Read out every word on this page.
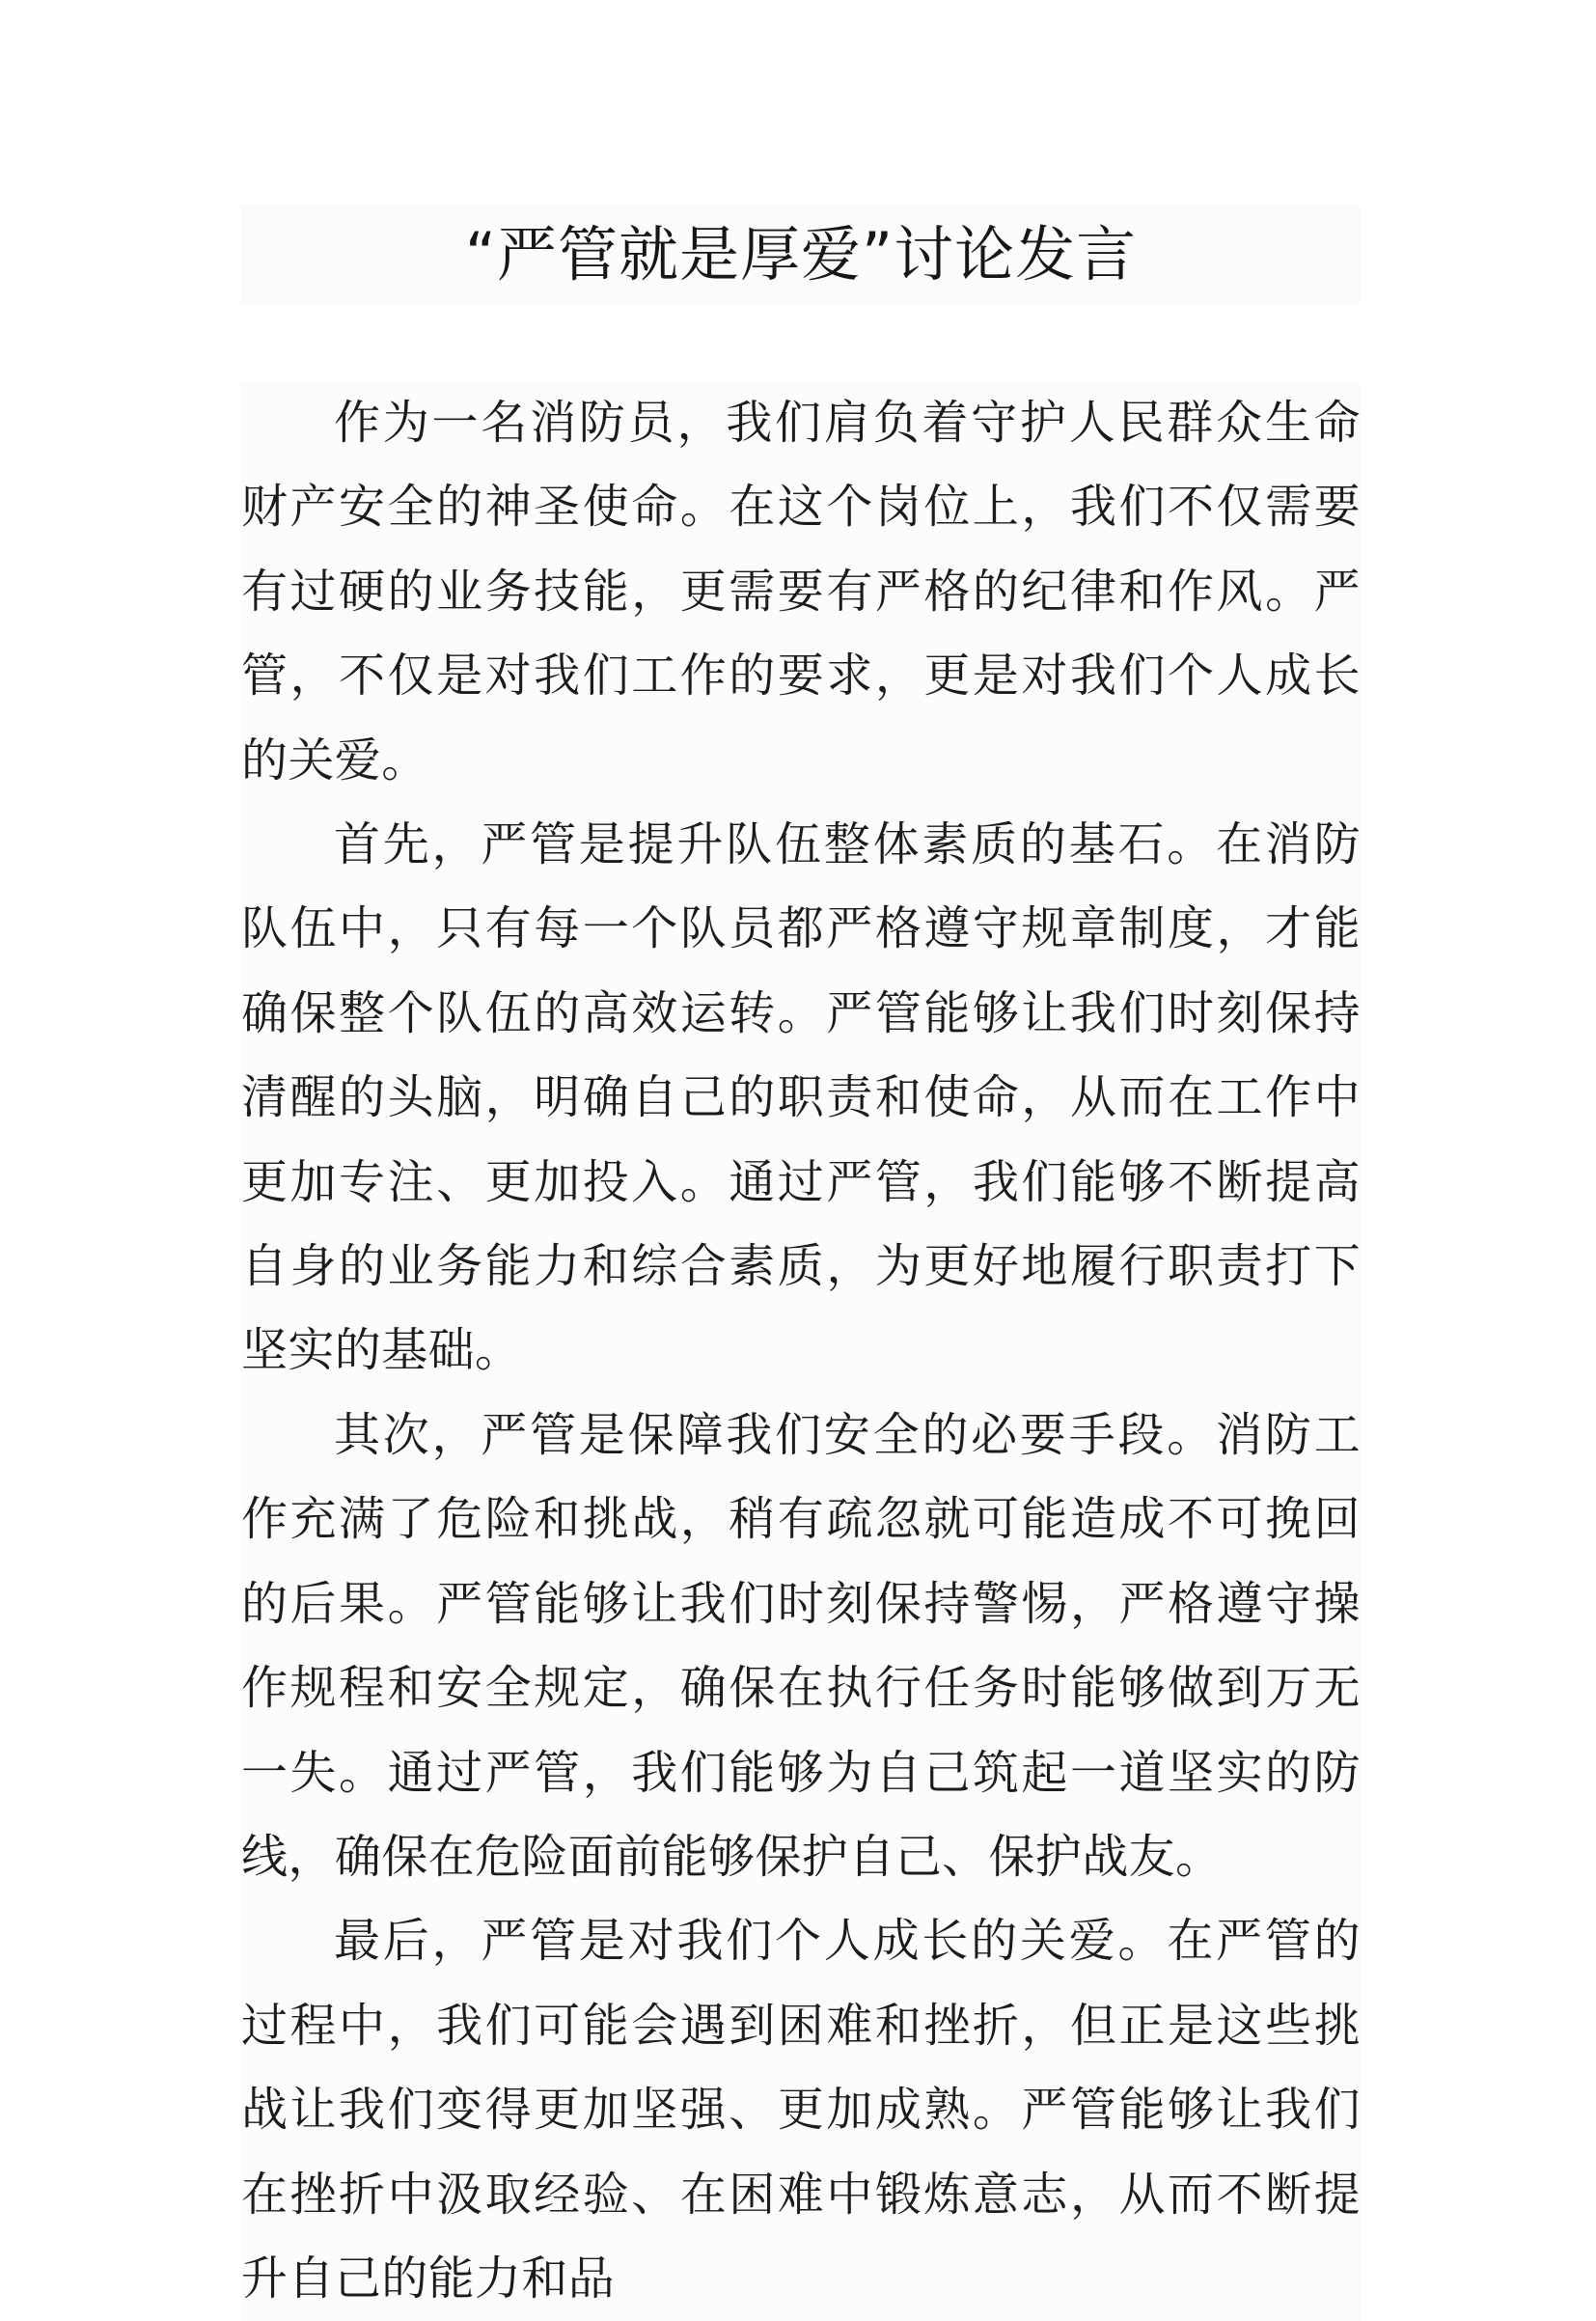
“严管就是厚爱”讨论发言

作为一名消防员，我们肩负着守护人民群众生命财产安全的神圣使命。在这个岗位上，我们不仅需要有过硬的业务技能，更需要有严格的纪律和作风。严管，不仅是对我们工作的要求，更是对我们个人成长的关爱。

首先，严管是提升队伍整体素质的基石。在消防队伍中，只有每一个队员都严格遵守规章制度，才能确保整个队伍的高效运转。严管能够让我们时刻保持清醒的头脑，明确自己的职责和使命，从而在工作中更加专注、更加投入。通过严管，我们能够不断提高自身的业务能力和综合素质，为更好地履行职责打下坚实的基础。

其次，严管是保障我们安全的必要手段。消防工作充满了危险和挑战，稍有疏忽就可能造成不可挽回的后果。严管能够让我们时刻保持警惕，严格遵守操作规程和安全规定，确保在执行任务时能够做到万无一失。通过严管，我们能够为自己筑起一道坚实的防线，确保在危险面前能够保护自己、保护战友。

最后，严管是对我们个人成长的关爱。在严管的过程中，我们可能会遇到困难和挫折，但正是这些挑战让我们变得更加坚强、更加成熟。严管能够让我们在挫折中汲取经验、在困难中锻炼意志，从而不断提升自己的能力和品
